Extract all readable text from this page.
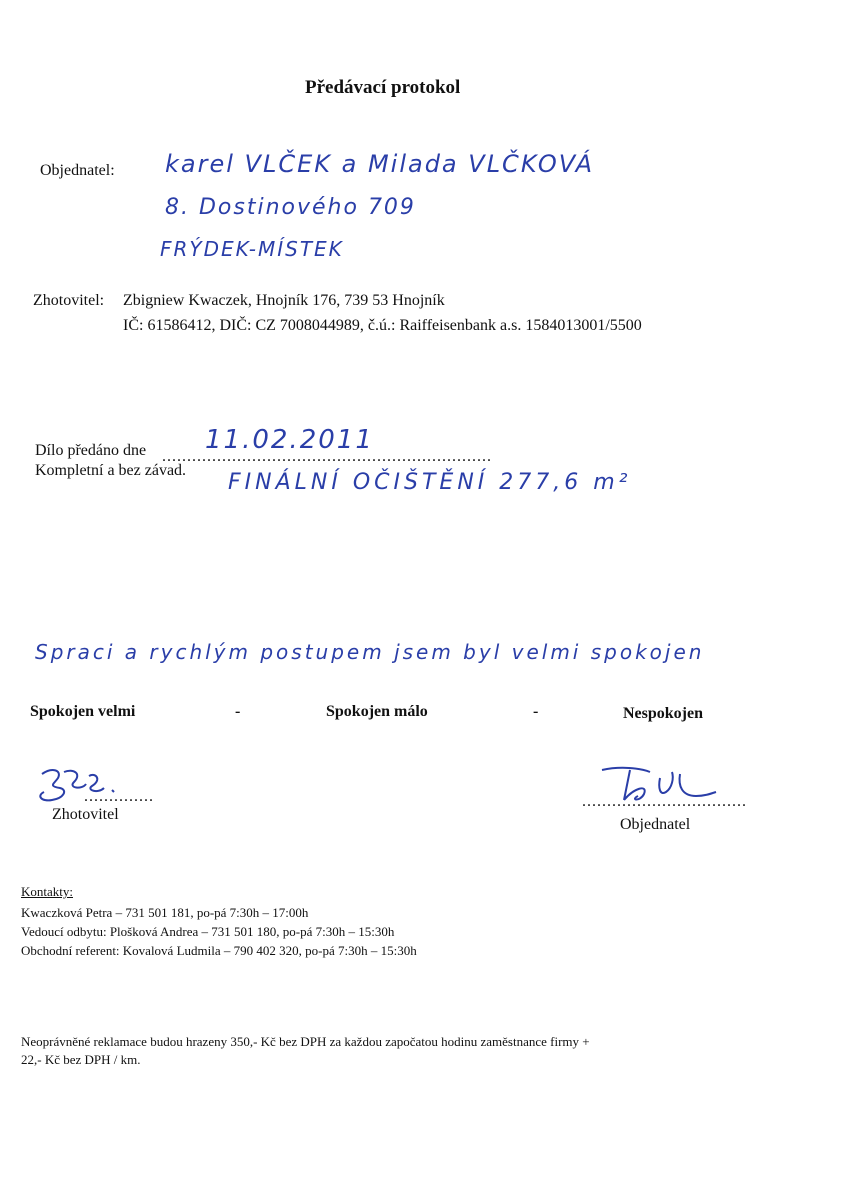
Předávací protokol
Objednatel: karel VLČEK a Milada VLČKOVÁ
8. Dostinového 709
FRÝDEK-MÍSTEK
Zhotovitel: Zbigniew Kwaczek, Hnojník 176, 739 53 Hnojník
IČ: 61586412, DIČ: CZ 7008044989, č.ú.: Raiffeisenbank a.s. 1584013001/5500
Dílo předáno dne ..................................................................
11.02.2011
Kompletní a bez závad. FINÁLNÍ OČIŠTĚNÍ 277,6 m²
Spraci a rychlým postupem jsem byl velmi spokojen
Spokojen velmi	-	Spokojen málo	-	Nespokojen
..............
Zhotovitel
.................................
Objednatel
Kontakty:
Kwaczková Petra – 731 501 181, po-pá 7:30h – 17:00h
Vedoucí odbytu: Plošková Andrea – 731 501 180, po-pá 7:30h – 15:30h
Obchodní referent: Kovalová Ludmila – 790 402 320, po-pá 7:30h – 15:30h
Neoprávněné reklamace budou hrazeny 350,- Kč bez DPH za každou započatou hodinu zaměstnance firmy +
22,- Kč bez DPH / km.
